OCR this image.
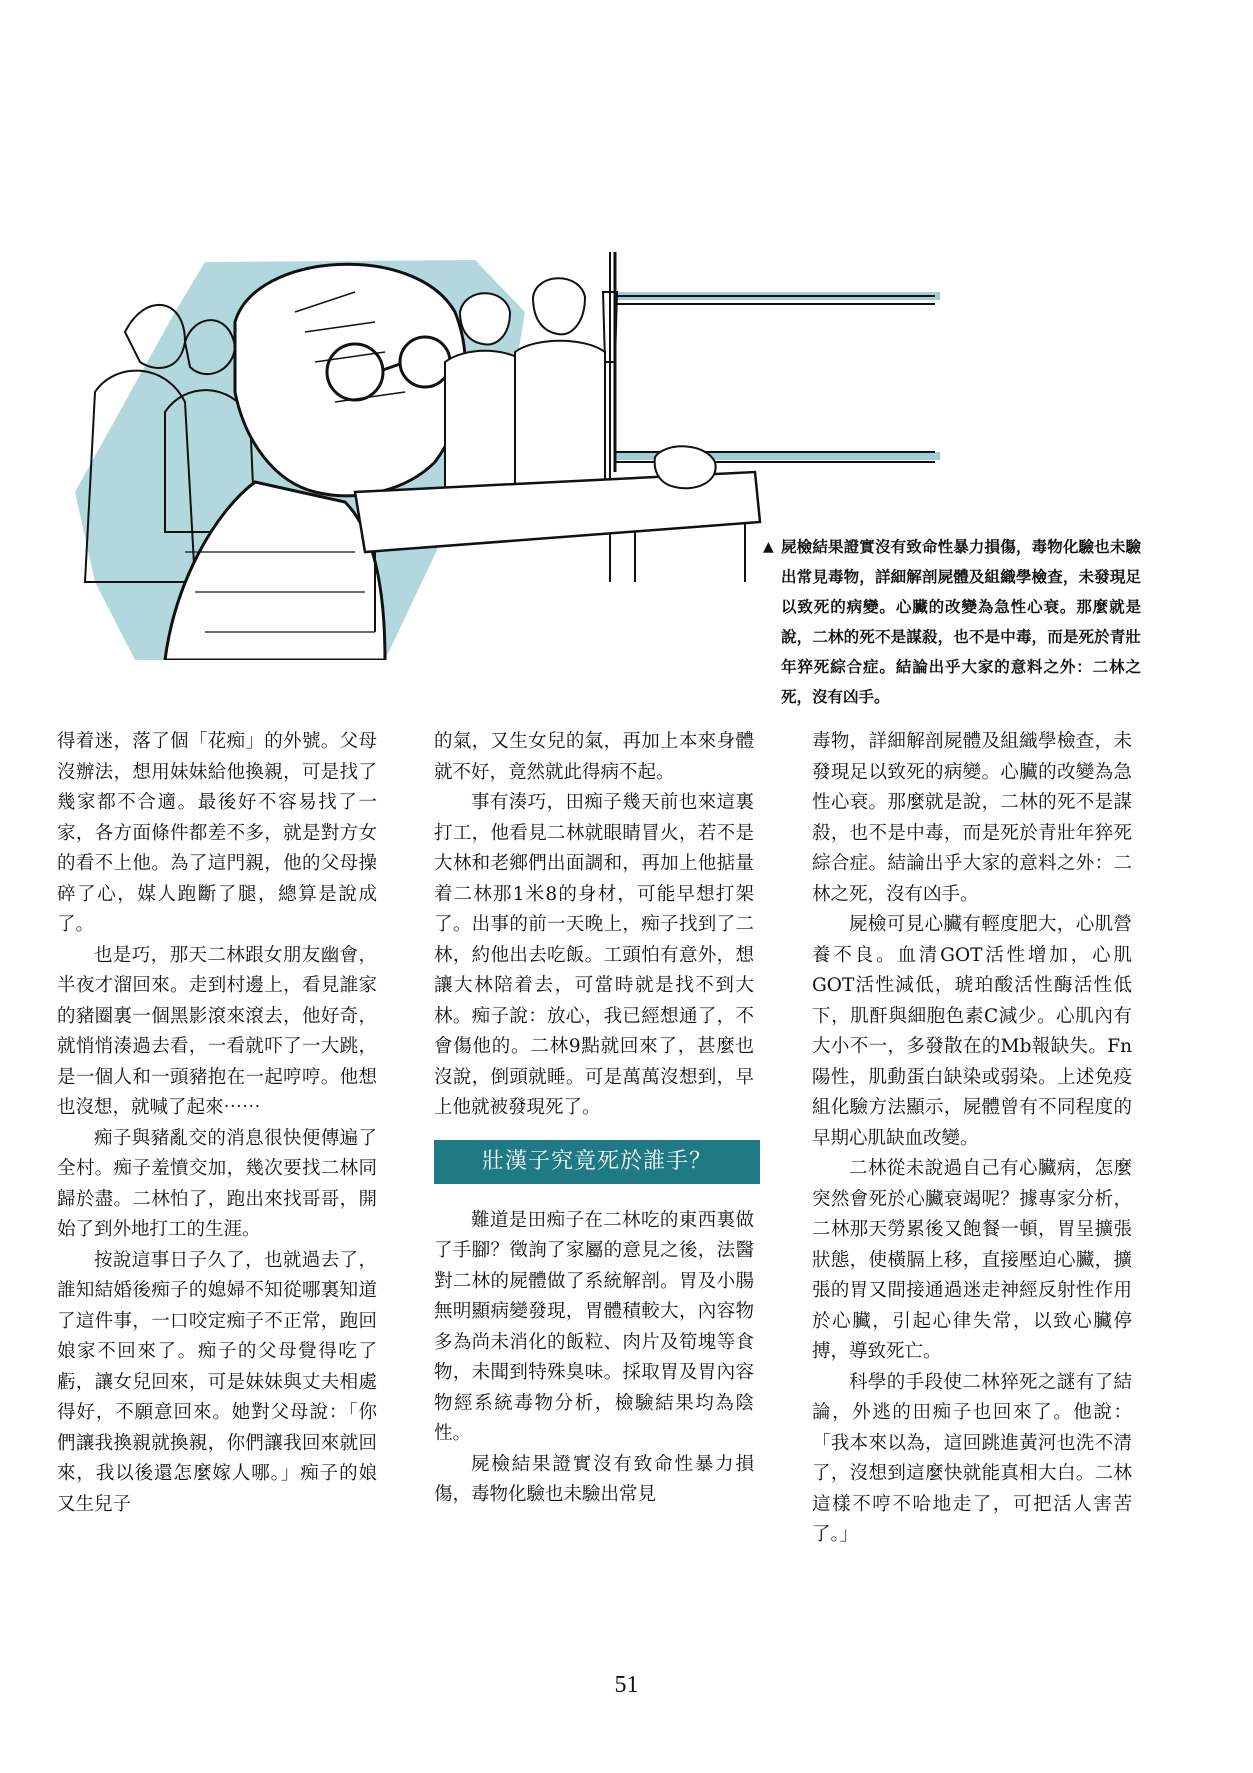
▲ 屍檢結果證實沒有致命性暴力損傷，毒物化驗也未驗出常見毒物，詳細解剖屍體及組織學檢查，未發現足以致死的病變。心臟的改變為急性心衰。那麼就是說，二林的死不是謀殺，也不是中毒，而是死於青壯年猝死綜合症。結論出乎大家的意料之外：二林之死，沒有凶手。

得着迷，落了個「花痴」的外號。父母沒辦法，想用妹妹給他換親，可是找了幾家都不合適。最後好不容易找了一家，各方面條件都差不多，就是對方女的看不上他。為了這門親，他的父母操碎了心，媒人跑斷了腿，總算是說成了。

也是巧，那天二林跟女朋友幽會，半夜才溜回來。走到村邊上，看見誰家的豬圈裏一個黑影滾來滾去，他好奇，就悄悄湊過去看，一看就吓了一大跳，是一個人和一頭豬抱在一起哼哼。他想也沒想，就喊了起來⋯⋯

痴子與豬亂交的消息很快便傳遍了全村。痴子羞憤交加，幾次要找二林同歸於盡。二林怕了，跑出來找哥哥，開始了到外地打工的生涯。

按說這事日子久了，也就過去了，誰知結婚後痴子的媳婦不知從哪裏知道了這件事，一口咬定痴子不正常，跑回娘家不回來了。痴子的父母覺得吃了虧，讓女兒回來，可是妹妹與丈夫相處得好，不願意回來。她對父母說：「你們讓我換親就換親，你們讓我回來就回來，我以後還怎麼嫁人哪。」痴子的娘又生兒子

的氣，又生女兒的氣，再加上本來身體就不好，竟然就此得病不起。

事有湊巧，田痴子幾天前也來這裏打工，他看見二林就眼睛冒火，若不是大林和老鄉們出面調和，再加上他掂量着二林那1米8的身材，可能早想打架了。出事的前一天晚上，痴子找到了二林，約他出去吃飯。工頭怕有意外，想讓大林陪着去，可當時就是找不到大林。痴子說：放心，我已經想通了，不會傷他的。二林9點就回來了，甚麼也沒說，倒頭就睡。可是萬萬沒想到，早上他就被發現死了。

壯漢子究竟死於誰手？

難道是田痴子在二林吃的東西裏做了手腳？徵詢了家屬的意見之後，法醫對二林的屍體做了系統解剖。胃及小腸無明顯病變發現，胃體積較大，內容物多為尚未消化的飯粒、肉片及筍塊等食物，未聞到特殊臭味。採取胃及胃內容物經系統毒物分析，檢驗結果均為陰性。

屍檢結果證實沒有致命性暴力損傷，毒物化驗也未驗出常見

毒物，詳細解剖屍體及組織學檢查，未發現足以致死的病變。心臟的改變為急性心衰。那麼就是說，二林的死不是謀殺，也不是中毒，而是死於青壯年猝死綜合症。結論出乎大家的意料之外：二林之死，沒有凶手。

屍檢可見心臟有輕度肥大，心肌營養不良。血清GOT活性增加，心肌GOT活性減低，琥珀酸活性酶活性低下，肌酐與細胞色素C減少。心肌內有大小不一，多發散在的Mb報缺失。Fn陽性，肌動蛋白缺染或弱染。上述免疫組化驗方法顯示，屍體曾有不同程度的早期心肌缺血改變。

二林從未說過自己有心臟病，怎麼突然會死於心臟衰竭呢？據專家分析，二林那天勞累後又飽餐一頓，胃呈擴張狀態，使橫膈上移，直接壓迫心臟，擴張的胃又間接通過迷走神經反射性作用於心臟，引起心律失常，以致心臟停搏，導致死亡。

科學的手段使二林猝死之謎有了結論，外逃的田痴子也回來了。他說：「我本來以為，這回跳進黃河也洗不清了，沒想到這麼快就能真相大白。二林這樣不哼不哈地走了，可把活人害苦了。」

51
